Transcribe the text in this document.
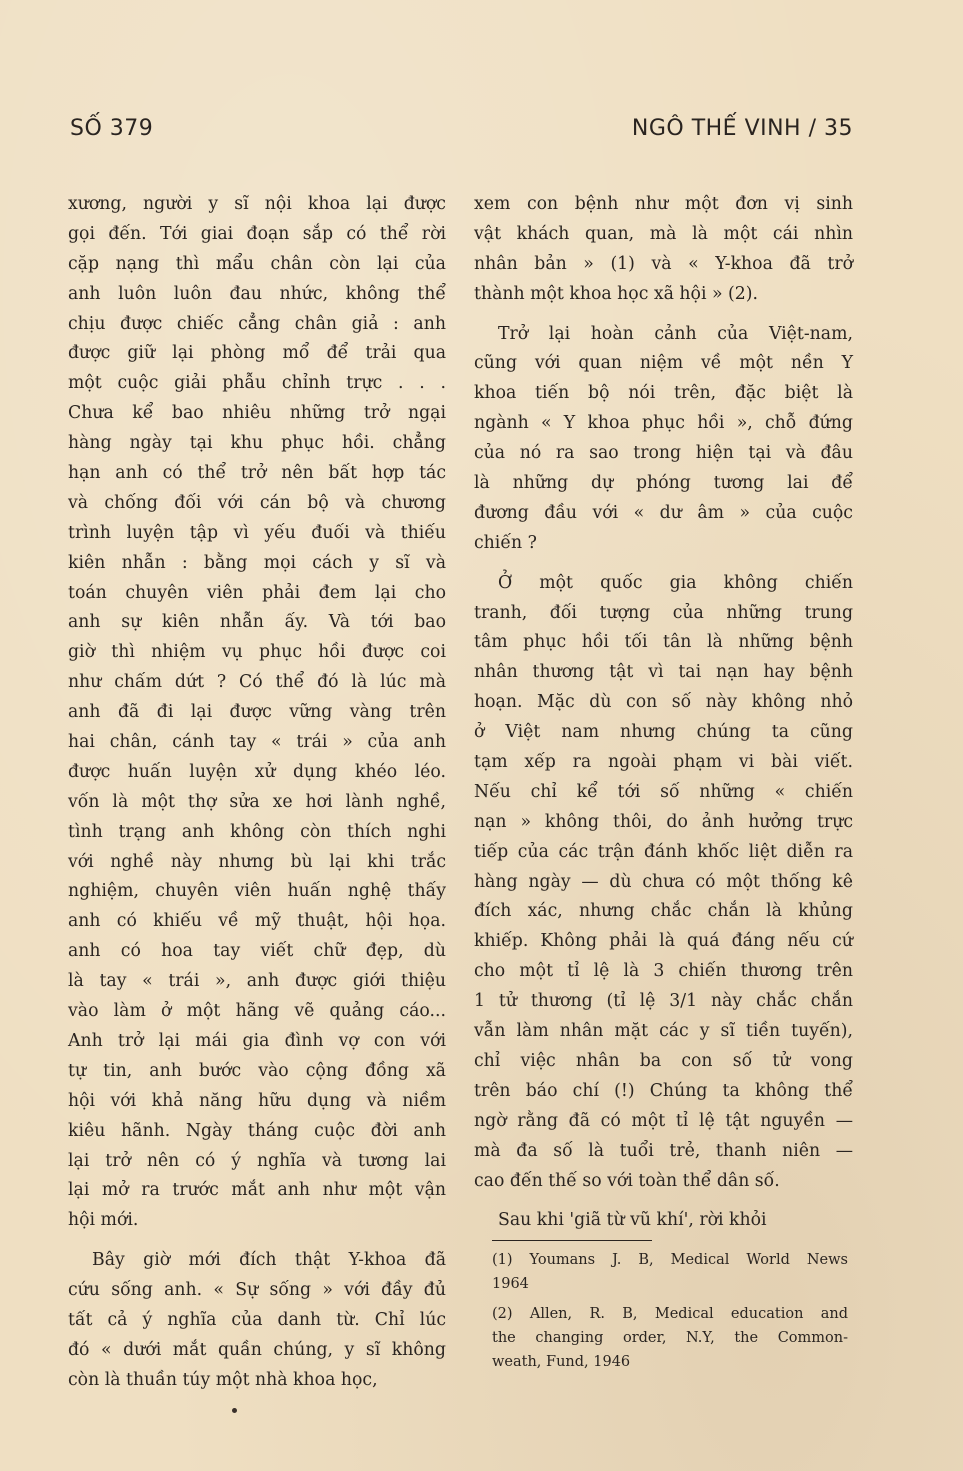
SỐ 379	NGÔ THẾ VINH / 35
xương, người y sĩ nội khoa lại được
gọi đến. Tới giai đoạn sắp có thể rời
cặp nạng thì mẩu chân còn lại của
anh luôn luôn đau nhức, không thể
chịu được chiếc cẳng chân giả : anh
được giữ lại phòng mổ để trải qua
một cuộc giải phẫu chỉnh trực . . .
Chưa kể bao nhiêu những trở ngại
hàng ngày tại khu phục hồi. chẳng
hạn anh có thể trở nên bất hợp tác
và chống đối với cán bộ và chương
trình luyện tập vì yếu đuối và thiếu
kiên nhẫn : bằng mọi cách y sĩ và
toán chuyên viên phải đem lại cho
anh sự kiên nhẫn ấy. Và tới bao
giờ thì nhiệm vụ phục hồi được coi
như chấm dứt ? Có thể đó là lúc mà
anh đã đi lại được vững vàng trên
hai chân, cánh tay « trái » của anh
được huấn luyện xử dụng khéo léo.
vốn là một thợ sửa xe hơi lành nghề,
tình trạng anh không còn thích nghi
với nghề này nhưng bù lại khi trắc
nghiệm, chuyên viên huấn nghệ thấy
anh có khiếu về mỹ thuật, hội họa.
anh có hoa tay viết chữ đẹp, dù
là tay « trái », anh được giới thiệu
vào làm ở một hãng vẽ quảng cáo...
Anh trở lại mái gia đình vợ con với
tự tin, anh bước vào cộng đồng xã
hội với khả năng hữu dụng và niềm
kiêu hãnh. Ngày tháng cuộc đời anh
lại trở nên có ý nghĩa và tương lai
lại mở ra trước mắt anh như một vận
hội mới.
Bây giờ mới đích thật Y-khoa đã
cứu sống anh. « Sự sống » với đầy đủ
tất cả ý nghĩa của danh từ. Chỉ lúc
đó « dưới mắt quần chúng, y sĩ không
còn là thuần túy một nhà khoa học,
xem con bệnh như một đơn vị sinh
vật khách quan, mà là một cái nhìn
nhân bản » (1) và « Y-khoa đã trở
thành một khoa học xã hội » (2).
Trở lại hoàn cảnh của Việt-nam,
cũng với quan niệm về một nền Y
khoa tiến bộ nói trên, đặc biệt là
ngành « Y khoa phục hồi », chỗ đứng
của nó ra sao trong hiện tại và đâu
là những dự phóng tương lai để
đương đầu với « dư âm » của cuộc
chiến ?
Ở một quốc gia không chiến
tranh, đối tượng của những trung
tâm phục hồi tối tân là những bệnh
nhân thương tật vì tai nạn hay bệnh
hoạn. Mặc dù con số này không nhỏ
ở Việt nam nhưng chúng ta cũng
tạm xếp ra ngoài phạm vi bài viết.
Nếu chỉ kể tới số những « chiến
nạn » không thôi, do ảnh hưởng trực
tiếp của các trận đánh khốc liệt diễn ra
hàng ngày — dù chưa có một thống kê
đích xác, nhưng chắc chắn là khủng
khiếp. Không phải là quá đáng nếu cứ
cho một tỉ lệ là 3 chiến thương trên
1 tử thương (tỉ lệ 3/1 này chắc chắn
vẫn làm nhân mặt các y sĩ tiền tuyến),
chỉ việc nhân ba con số tử vong
trên báo chí (!) Chúng ta không thể
ngờ rằng đã có một tỉ lệ tật nguyền —
mà đa số là tuổi trẻ, thanh niên —
cao đến thế so với toàn thể dân số.
Sau khi 'giã từ vũ khí', rời khỏi
(1) Youmans J. B, Medical World News
1964
(2) Allen, R. B, Medical education and
the changing order, N.Y, the Common-
weath, Fund, 1946
